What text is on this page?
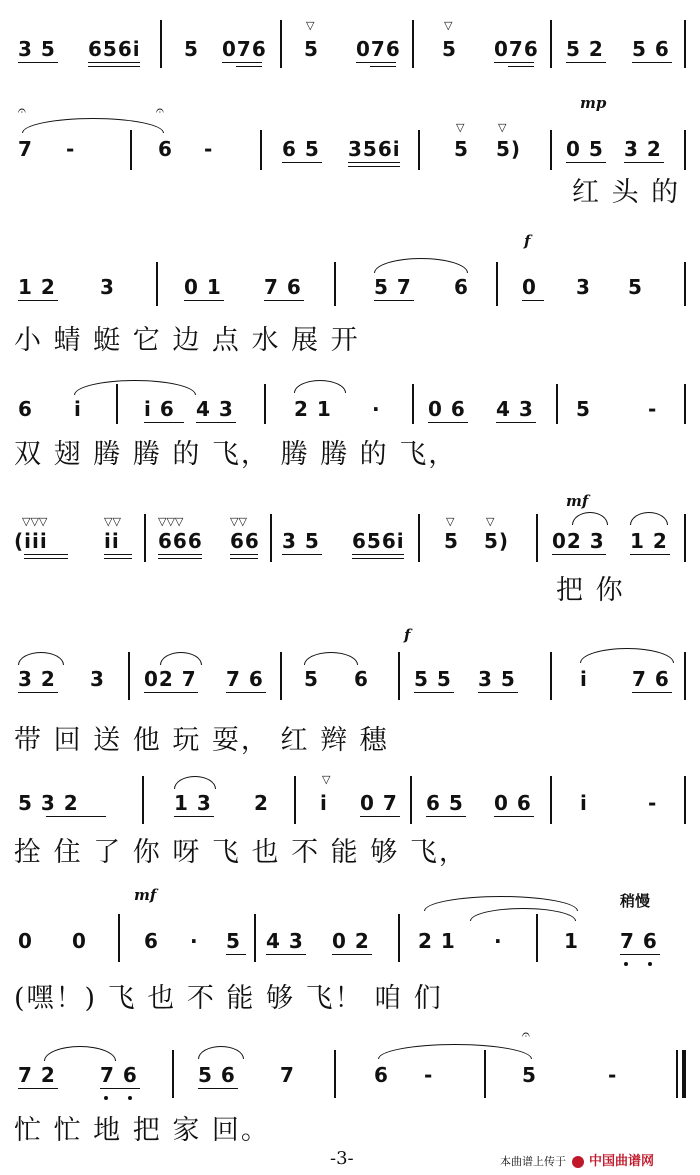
3 5 656i 5 076
▽
5 076
▽
5 076 5 2 5 6
𝄐	𝄐
7 -	6 -	6 5 356i
▽
5
▽
5)
mp
0 5 3 2
红 头 的
1 2 3	0 1 7 6	5 7 6
f
0 3 5
小 蜻 蜓 它 边 点 水 展 开
6 i	i 6 4 3	2 1 · 0 6 4 3 5	-
双 翅 腾 腾 的 飞， 腾 腾 的 飞，
(iii
▽▽▽
ii
▽▽
666
▽▽▽
66
▽▽
3 5 656i
▽
5
▽
5)
mf
02 3 1 2
把 你
3 2 3 02 7 7 6 5 6
f
5 5 3 5	i 7 6
带 回 送 他 玩 耍， 红 辫 穗
5 3 2	1 3 2
▽
i 0 7 6 5 0 6 i	-
拴 住 了 你 呀 飞 也 不 能 够 飞，
mf	稍慢
0 0	6 · 5 4 3 0 2 2 1 ·	1 7 6
(嘿！) 飞 也 不 能 够 飞！ 咱 们
7 2 7 6	5 6 7
𝄐
6 -	5	-
忙 忙 地 把 家 回。
-3-	本曲谱上传于 中国曲谱网
